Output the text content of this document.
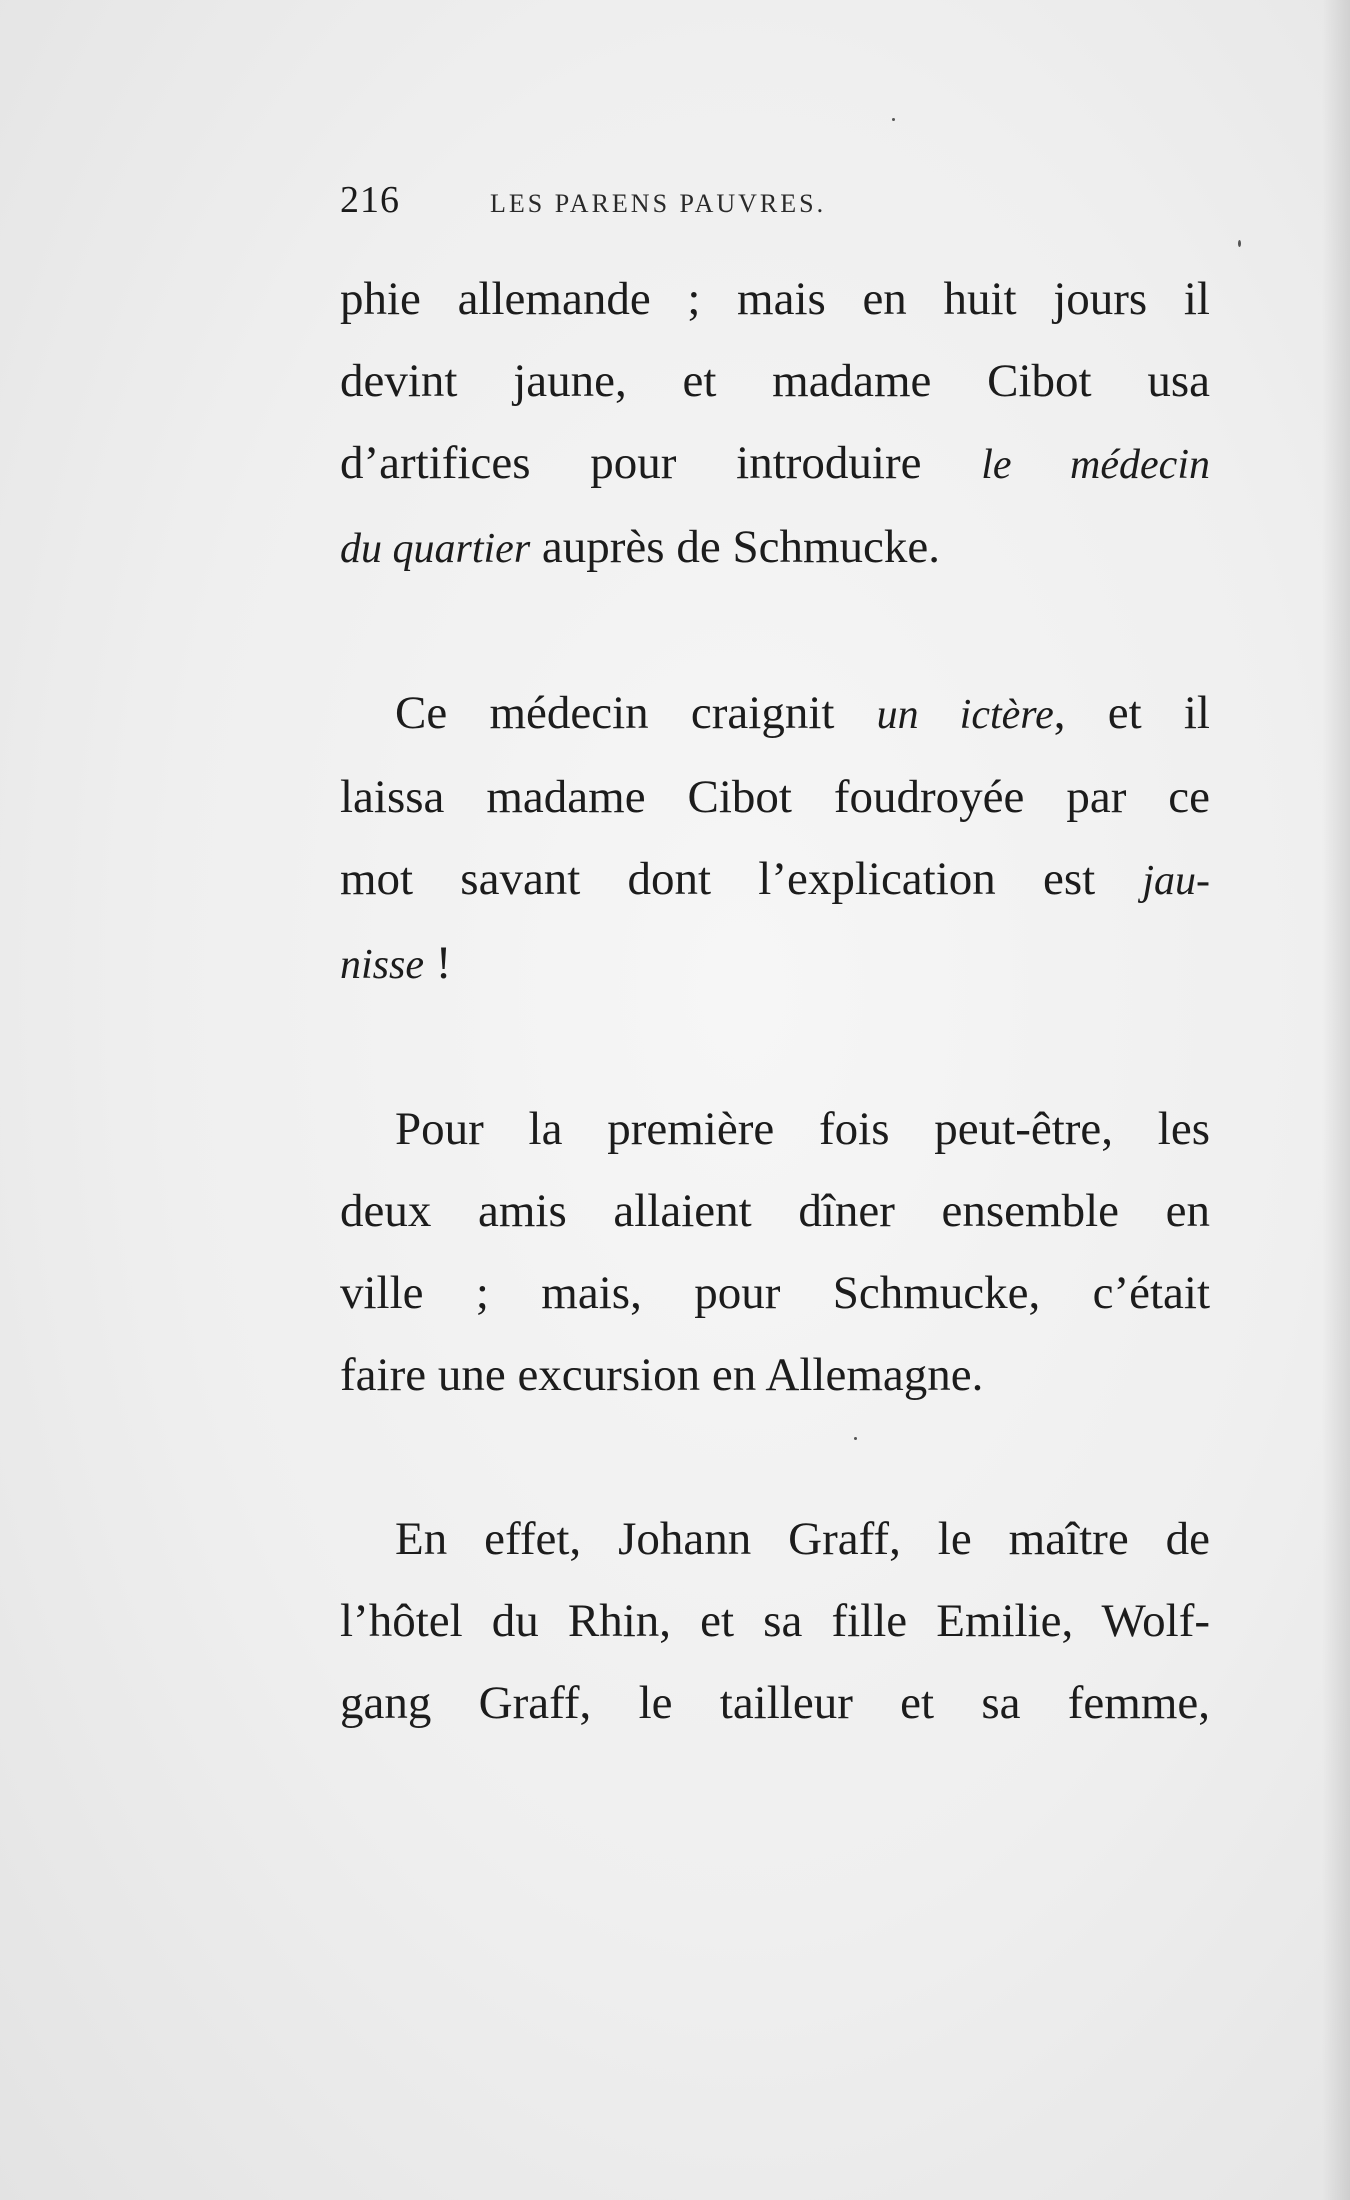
216	LES PARENS PAUVRES.
phie allemande ; mais en huit jours il
devint jaune, et madame Cibot usa
d’artifices pour introduire le médecin
du quartier auprès de Schmucke.
Ce médecin craignit un ictère, et il
laissa madame Cibot foudroyée par ce
mot savant dont l’explication est jau-
nisse !
Pour la première fois peut-être, les
deux amis allaient dîner ensemble en
ville ; mais, pour Schmucke, c’était
faire une excursion en Allemagne.
En effet, Johann Graff, le maître de
l’hôtel du Rhin, et sa fille Emilie, Wolf-
gang Graff, le tailleur et sa femme,
